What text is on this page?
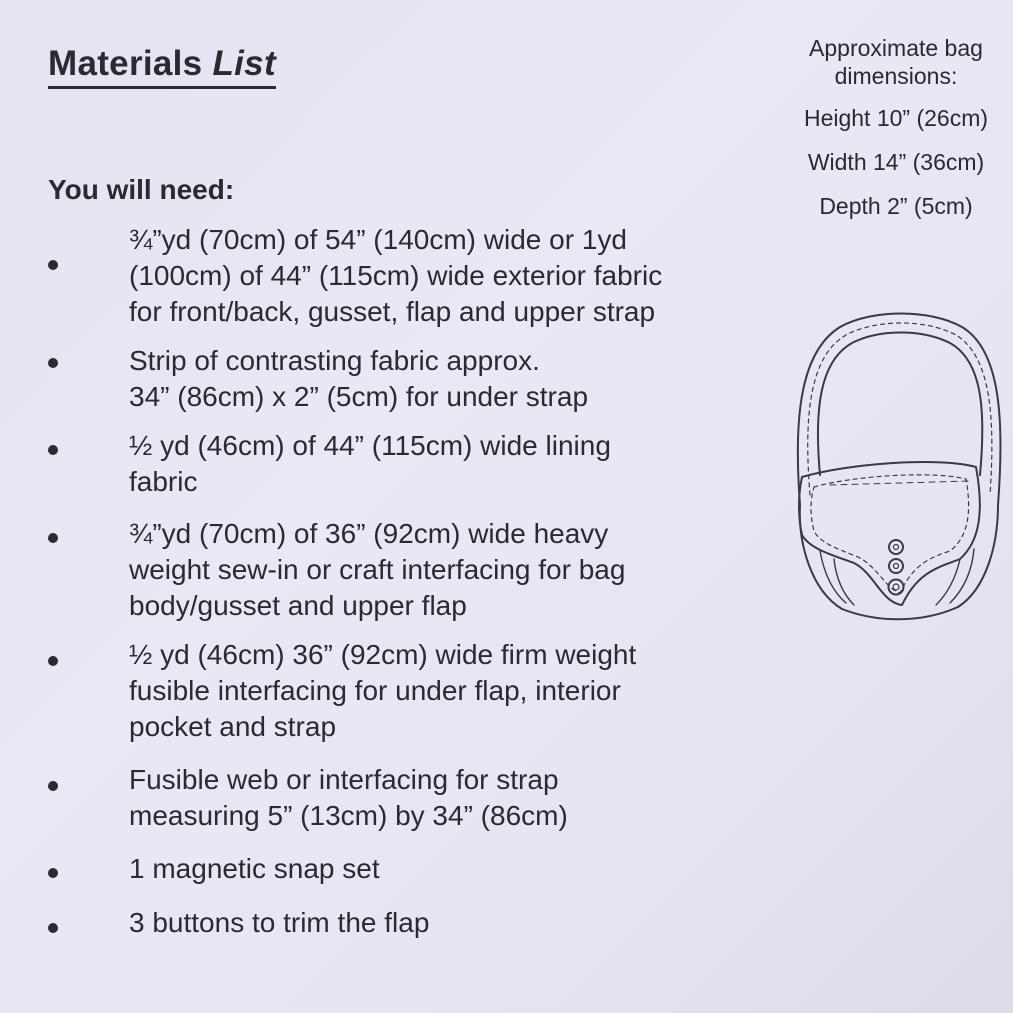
Materials List
You will need:

¾”yd (70cm) of 54” (140cm) wide or 1yd
(100cm) of 44” (115cm) wide exterior fabric
for front/back, gusset, flap and upper strap

Strip of contrasting fabric approx.
34” (86cm) x 2” (5cm) for under strap

½ yd (46cm) of 44” (115cm) wide lining
fabric

¾”yd (70cm) of 36” (92cm) wide heavy
weight sew-in or craft interfacing for bag
body/gusset and upper flap

½ yd (46cm) 36” (92cm) wide firm weight
fusible interfacing for under flap, interior
pocket and strap

Fusible web or interfacing for strap
measuring 5” (13cm) by 34” (86cm)

1 magnetic snap set

3 buttons to trim the flap

Approximate bag
dimensions:

Height 10” (26cm)

Width 14” (36cm)

Depth 2” (5cm)
